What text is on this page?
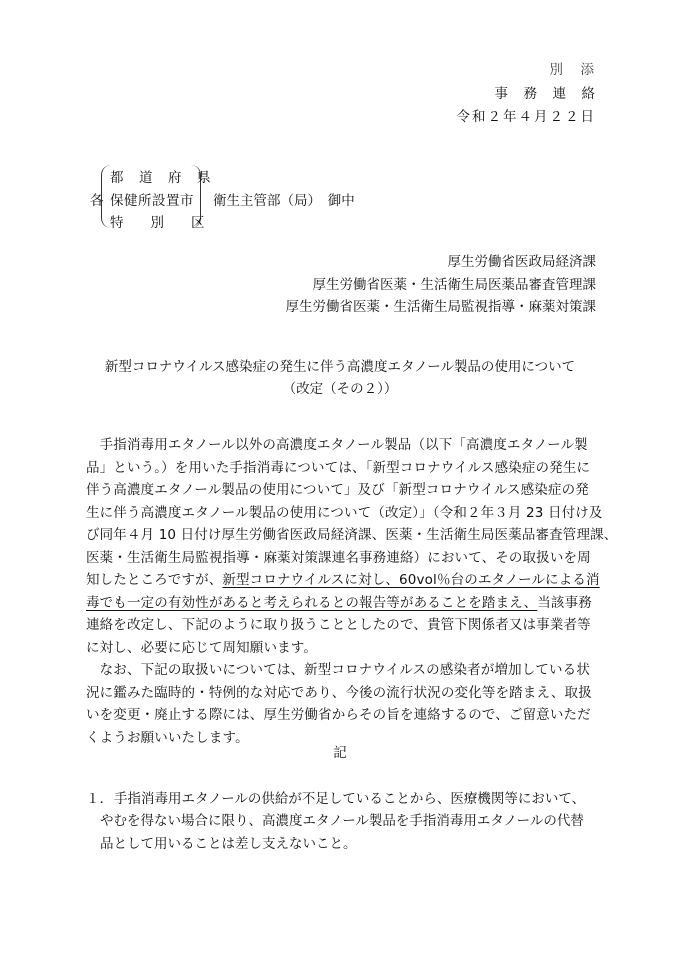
別　添
事　務　連　絡
令和２年４月２２日
各
都　道　府　県
保健所設置市
特　　別　　区
衛生主管部（局）　御中
厚生労働省医政局経済課
厚生労働省医薬・生活衛生局医薬品審査管理課
厚生労働省医薬・生活衛生局監視指導・麻薬対策課
新型コロナウイルス感染症の発生に伴う高濃度エタノール製品の使用について
（改定（その２））
　手指消毒用エタノール以外の高濃度エタノール製品（以下「高濃度エタノール製
品」という。）を用いた手指消毒については、「新型コロナウイルス感染症の発生に
伴う高濃度エタノール製品の使用について」及び「新型コロナウイルス感染症の発
生に伴う高濃度エタノール製品の使用について（改定）」（令和２年３月 23 日付け及
び同年４月 10 日付け厚生労働省医政局経済課、医薬・生活衛生局医薬品審査管理課、
医薬・生活衛生局監視指導・麻薬対策課連名事務連絡）において、その取扱いを周
知したところですが、新型コロナウイルスに対し、60vol％台のエタノールによる消
毒でも一定の有効性があると考えられるとの報告等があることを踏まえ、当該事務
連絡を改定し、下記のように取り扱うこととしたので、貴管下関係者又は事業者等
に対し、必要に応じて周知願います。
　なお、下記の取扱いについては、新型コロナウイルスの感染者が増加している状
況に鑑みた臨時的・特例的な対応であり、今後の流行状況の変化等を踏まえ、取扱
いを変更・廃止する際には、厚生労働省からその旨を連絡するので、ご留意いただ
くようお願いいたします。
記
１． 手指消毒用エタノールの供給が不足していることから、医療機関等において、
やむを得ない場合に限り、高濃度エタノール製品を手指消毒用エタノールの代替
品として用いることは差し支えないこと。
